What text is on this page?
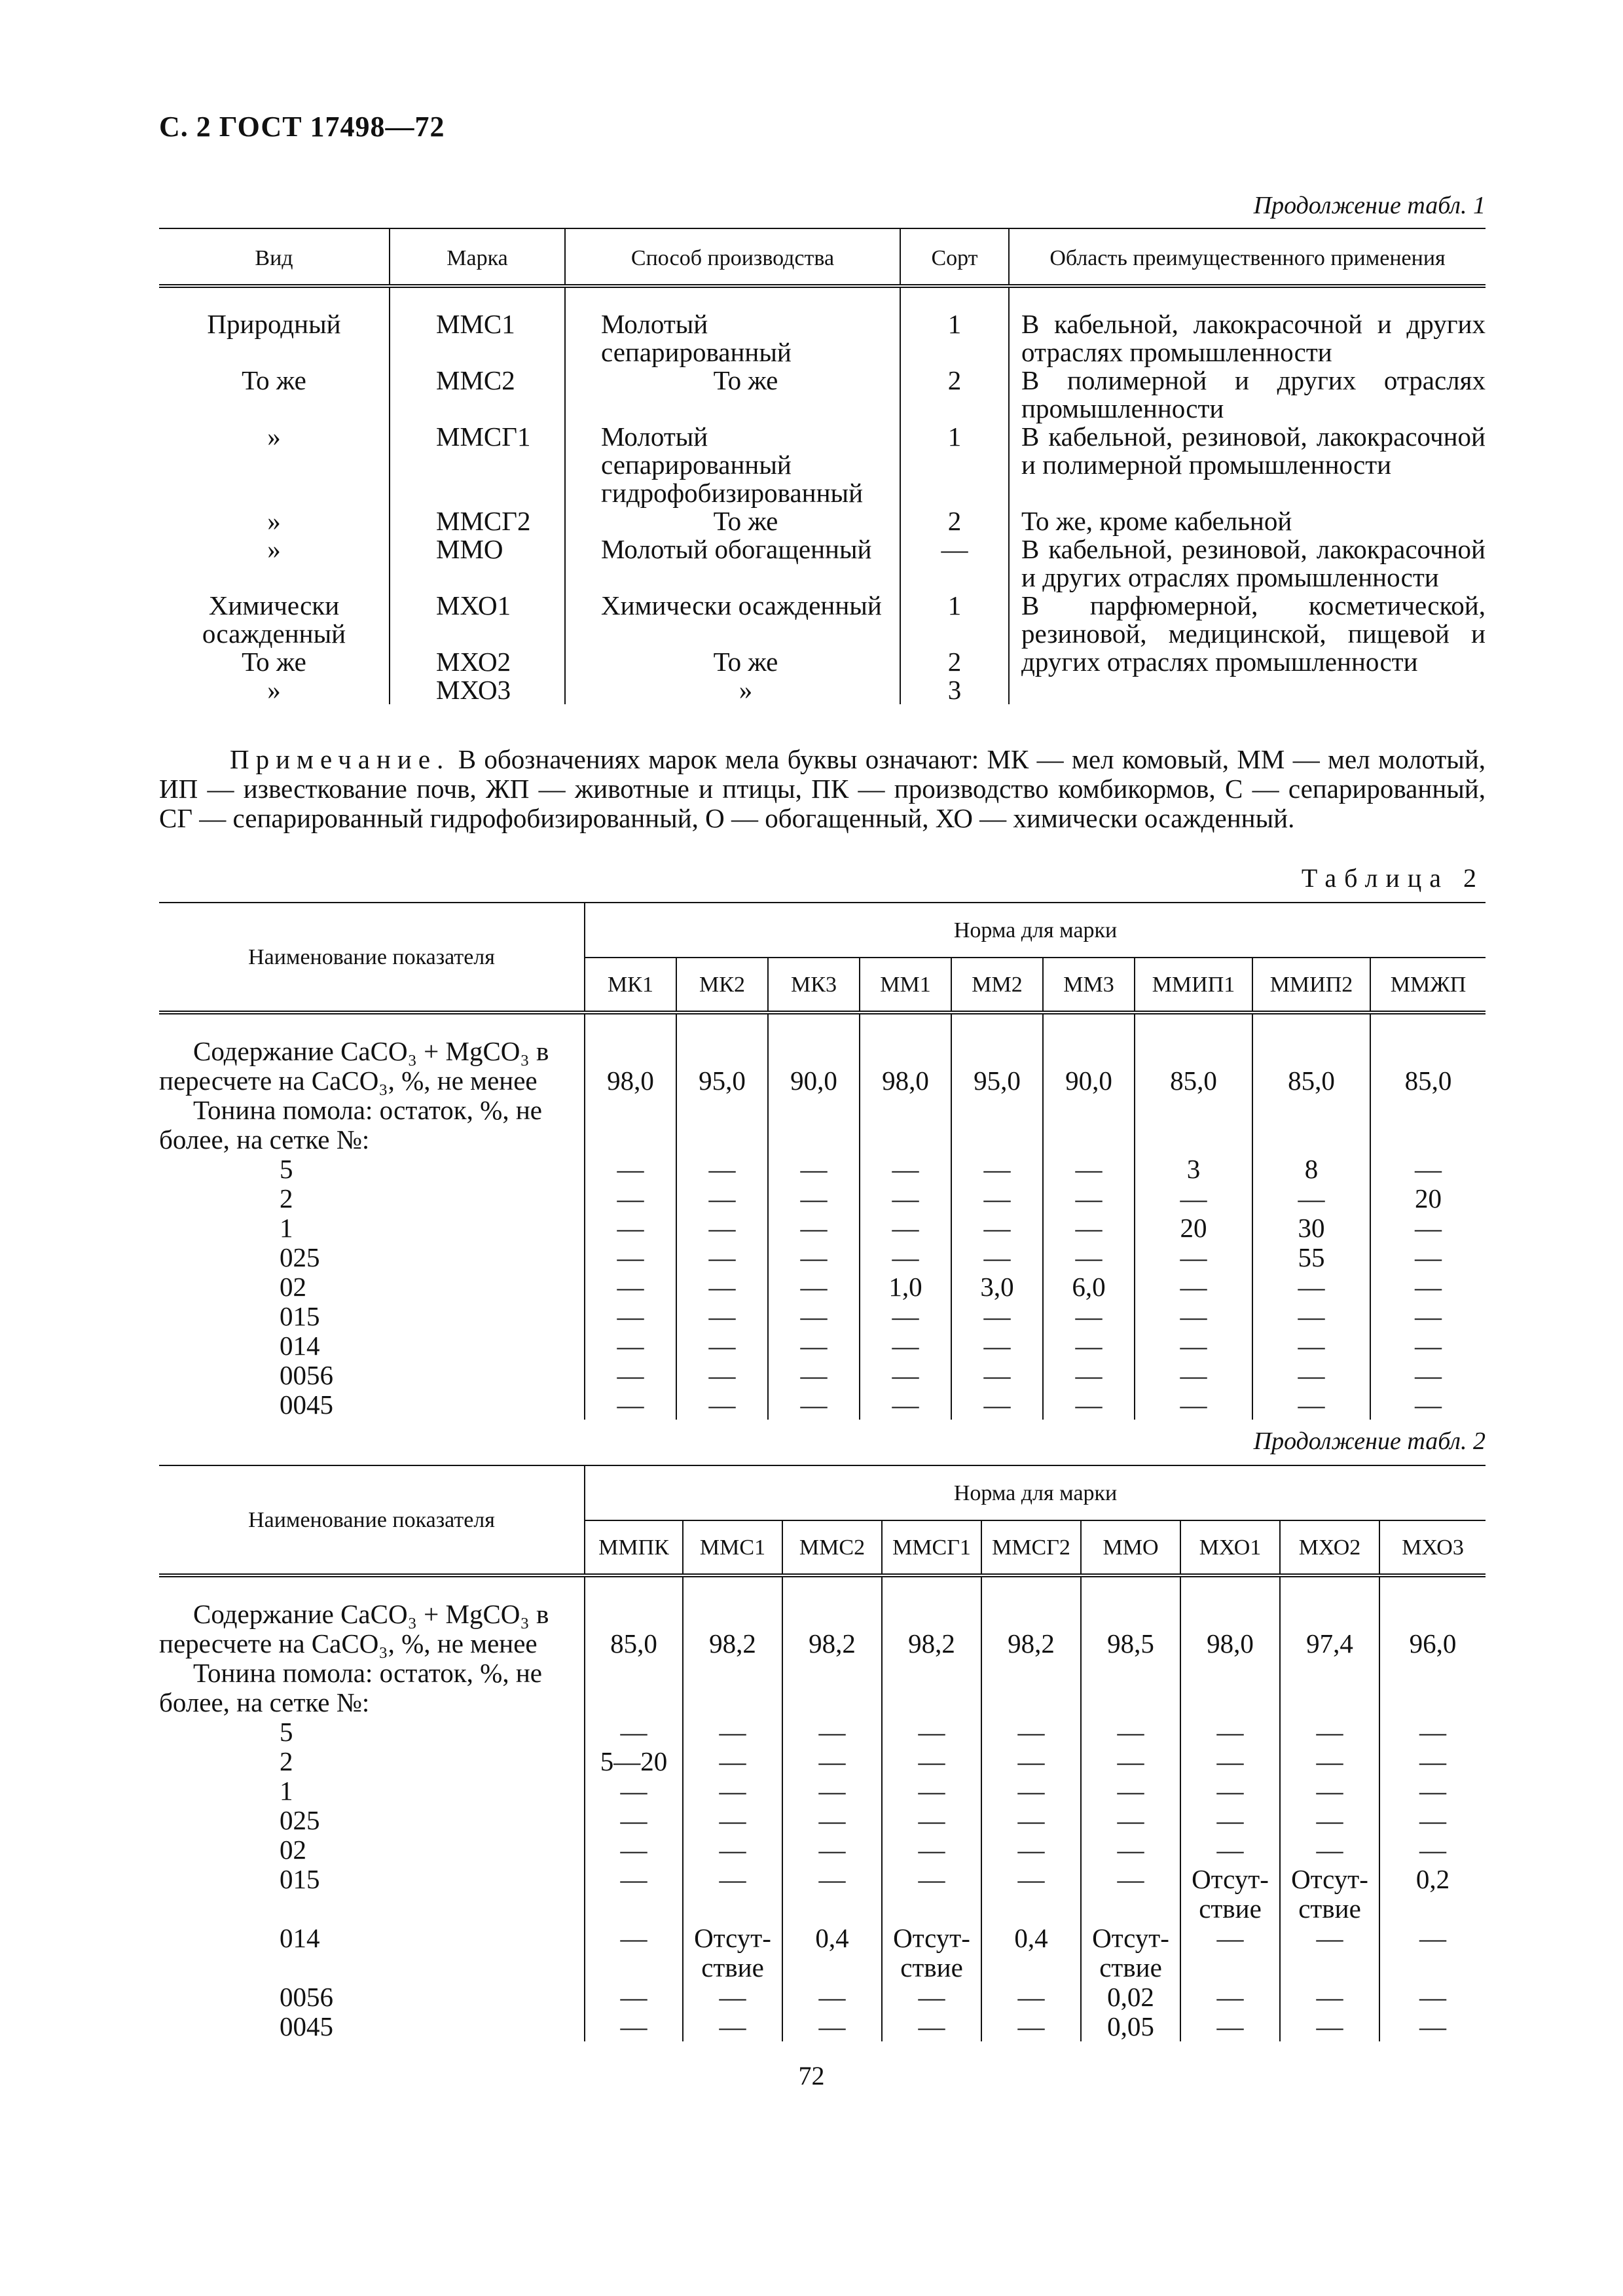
С. 2 ГОСТ 17498—72
Продолжение табл. 1
Вид	Марка	Способ производства	Сорт	Область преимущественного применения

Природный	ММС1	Молотый сепарированный	1	В кабельной, лакокрасочной и других отраслях промышленности
То же	ММС2	То же	2	В полимерной и других отраслях промышленности
»	ММСГ1	Молотый сепарированный гидрофобизированный	1	В кабельной, резиновой, лакокрасочной и полимерной промышленности
»	ММСГ2	То же	2	То же, кроме кабельной
»	ММО	Молотый обогащенный	—	В кабельной, резиновой, лакокрасочной и других отраслях промышленности
Химически осажденный	МХО1	Химически осажденный	1	В парфюмерной, косметической, резиновой, медицинской, пищевой и других отраслях промышленности
То же	МХО2	То же	2	
»	МХО3	»	3	
Примечание. В обозначениях марок мела буквы означают: МК — мел комовый, ММ — мел молотый, ИП — известкование почв, ЖП — животные и птицы, ПК — производство комбикормов, С — сепарированный, СГ — сепарированный гидрофобизированный, О — обогащенный, ХО — химически осажденный.
Таблица 2
Наименование показателя	Норма для марки								
	МК1	МК2	МК3	ММ1	ММ2	ММ3	ММИП1	ММИП2	ММЖП

Содержание CaCO₃ + MgCO₃ в
пересчете на CaCO₃, %, не менее	98,0	95,0	90,0	98,0	95,0	90,0	85,0	85,0	85,0
Тонина помола: остаток, %, не
более, на сетке №:									
5	—	—	—	—	—	—	3	8	—
2	—	—	—	—	—	—	—	—	20
1	—	—	—	—	—	—	20	30	—
025	—	—	—	—	—	—	—	55	—
02	—	—	—	1,0	3,0	6,0	—	—	—
015	—	—	—	—	—	—	—	—	—
014	—	—	—	—	—	—	—	—	—
0056	—	—	—	—	—	—	—	—	—
0045	—	—	—	—	—	—	—	—	—
Продолжение табл. 2
Наименование показателя	Норма для марки								
	ММПК	ММС1	ММС2	ММСГ1	ММСГ2	ММО	МХО1	МХО2	МХО3

Содержание CaCO₃ + MgCO₃ в
пересчете на CaCO₃, %, не менее	85,0	98,2	98,2	98,2	98,2	98,5	98,0	97,4	96,0
Тонина помола: остаток, %, не
более, на сетке №:									
5	—	—	—	—	—	—	—	—	—
2	5—20	—	—	—	—	—	—	—	—
1	—	—	—	—	—	—	—	—	—
025	—	—	—	—	—	—	—	—	—
02	—	—	—	—	—	—	—	—	—
015	—	—	—	—	—	—	Отсут-ствие	Отсут-ствие	0,2
014	—	Отсут-ствие	0,4	Отсут-ствие	0,4	Отсут-ствие	—	—	—
0056	—	—	—	—	—	0,02	—	—	—
0045	—	—	—	—	—	0,05	—	—	—
72
